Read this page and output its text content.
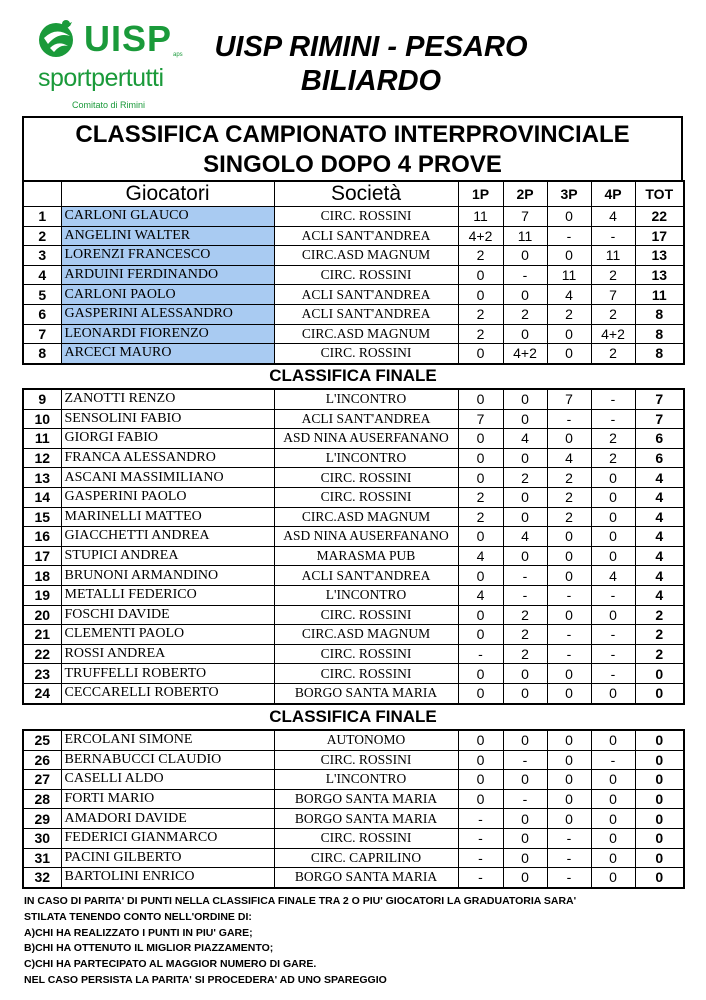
UISP aps
sportpertutti
Comitato di Rimini
UISP RIMINI - PESARO
BILIARDO
CLASSIFICA CAMPIONATO INTERPROVINCIALE
SINGOLO DOPO 4 PROVE
	Giocatori	Società	1P	2P	3P	4P	TOT
1	CARLONI GLAUCO	CIRC. ROSSINI	11	7	0	4	22
2	ANGELINI WALTER	ACLI SANT'ANDREA	4+2	11	-	-	17
3	LORENZI FRANCESCO	CIRC.ASD MAGNUM	2	0	0	11	13
4	ARDUINI FERDINANDO	CIRC. ROSSINI	0	-	11	2	13
5	CARLONI PAOLO	ACLI SANT'ANDREA	0	0	4	7	11
6	GASPERINI ALESSANDRO	ACLI SANT'ANDREA	2	2	2	2	8
7	LEONARDI FIORENZO	CIRC.ASD MAGNUM	2	0	0	4+2	8
8	ARCECI MAURO	CIRC. ROSSINI	0	4+2	0	2	8
CLASSIFICA FINALE
9	ZANOTTI RENZO	L'INCONTRO	0	0	7	-	7
10	SENSOLINI FABIO	ACLI SANT'ANDREA	7	0	-	-	7
11	GIORGI FABIO	ASD NINA AUSERFANANO	0	4	0	2	6
12	FRANCA ALESSANDRO	L'INCONTRO	0	0	4	2	6
13	ASCANI MASSIMILIANO	CIRC. ROSSINI	0	2	2	0	4
14	GASPERINI PAOLO	CIRC. ROSSINI	2	0	2	0	4
15	MARINELLI MATTEO	CIRC.ASD MAGNUM	2	0	2	0	4
16	GIACCHETTI ANDREA	ASD NINA AUSERFANANO	0	4	0	0	4
17	STUPICI ANDREA	MARASMA PUB	4	0	0	0	4
18	BRUNONI ARMANDINO	ACLI SANT'ANDREA	0	-	0	4	4
19	METALLI FEDERICO	L'INCONTRO	4	-	-	-	4
20	FOSCHI DAVIDE	CIRC. ROSSINI	0	2	0	0	2
21	CLEMENTI PAOLO	CIRC.ASD MAGNUM	0	2	-	-	2
22	ROSSI ANDREA	CIRC. ROSSINI	-	2	-	-	2
23	TRUFFELLI ROBERTO	CIRC. ROSSINI	0	0	0	-	0
24	CECCARELLI ROBERTO	BORGO SANTA MARIA	0	0	0	0	0
CLASSIFICA FINALE
25	ERCOLANI SIMONE	AUTONOMO	0	0	0	0	0
26	BERNABUCCI CLAUDIO	CIRC. ROSSINI	0	-	0	-	0
27	CASELLI ALDO	L'INCONTRO	0	0	0	0	0
28	FORTI MARIO	BORGO SANTA MARIA	0	-	0	0	0
29	AMADORI DAVIDE	BORGO SANTA MARIA	-	0	0	0	0
30	FEDERICI GIANMARCO	CIRC. ROSSINI	-	0	-	0	0
31	PACINI GILBERTO	CIRC. CAPRILINO	-	0	-	0	0
32	BARTOLINI ENRICO	BORGO SANTA MARIA	-	0	-	0	0
IN CASO DI PARITA' DI PUNTI NELLA CLASSIFICA FINALE TRA 2 O PIU' GIOCATORI LA GRADUATORIA SARA'
STILATA TENENDO CONTO NELL'ORDINE DI:
A)CHI HA REALIZZATO I PUNTI IN PIU' GARE;
B)CHI HA OTTENUTO IL MIGLIOR PIAZZAMENTO;
C)CHI HA PARTECIPATO AL MAGGIOR NUMERO DI GARE.
NEL CASO PERSISTA LA PARITA' SI PROCEDERA' AD UNO SPAREGGIO
